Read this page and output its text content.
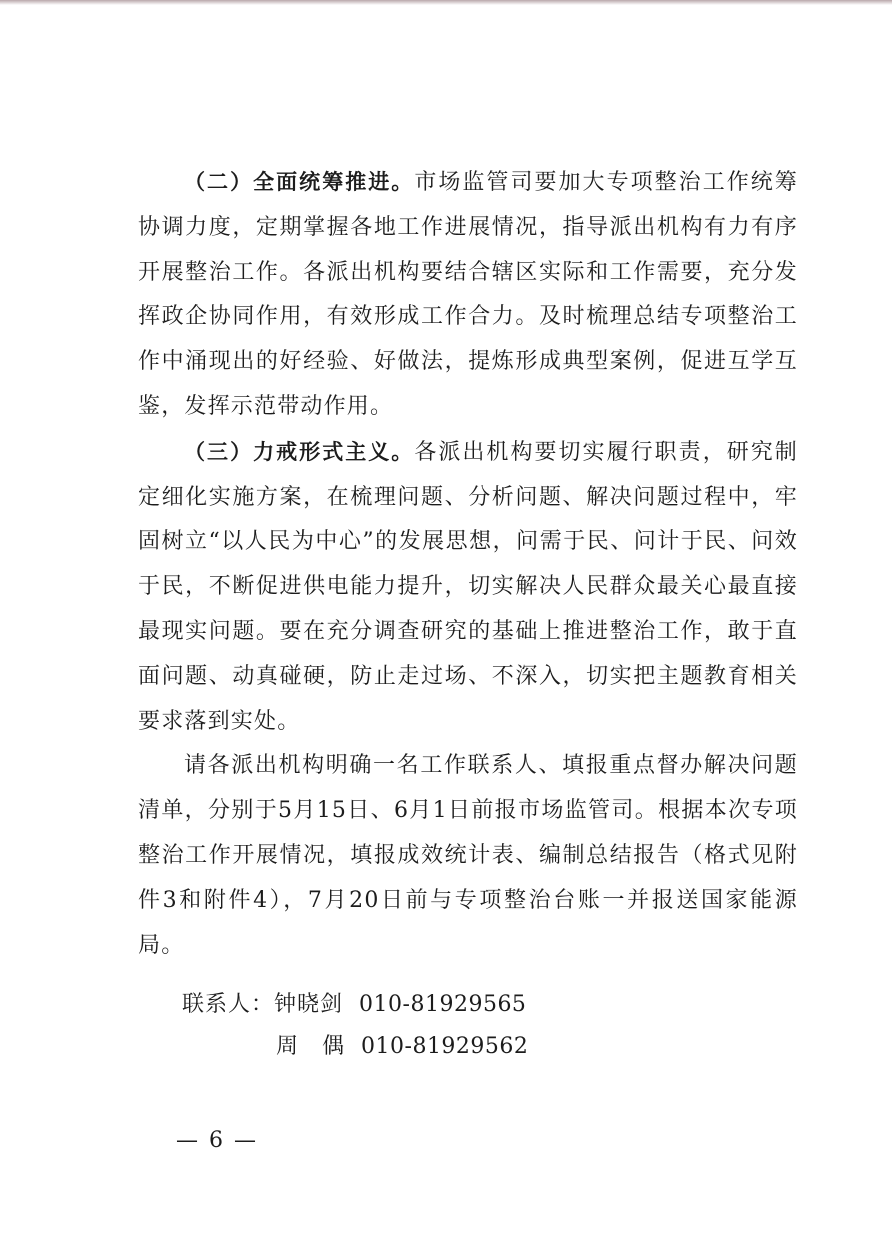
（二）全面统筹推进。市场监管司要加大专项整治工作统筹协调力度，定期掌握各地工作进展情况，指导派出机构有力有序开展整治工作。各派出机构要结合辖区实际和工作需要，充分发挥政企协同作用，有效形成工作合力。及时梳理总结专项整治工作中涌现出的好经验、好做法，提炼形成典型案例，促进互学互鉴，发挥示范带动作用。

（三）力戒形式主义。各派出机构要切实履行职责，研究制定细化实施方案，在梳理问题、分析问题、解决问题过程中，牢固树立“以人民为中心”的发展思想，问需于民、问计于民、问效于民，不断促进供电能力提升，切实解决人民群众最关心最直接最现实问题。要在充分调查研究的基础上推进整治工作，敢于直面问题、动真碰硬，防止走过场、不深入，切实把主题教育相关要求落到实处。

请各派出机构明确一名工作联系人、填报重点督办解决问题清单，分别于5月15日、6月1日前报市场监管司。根据本次专项整治工作开展情况，填报成效统计表、编制总结报告（格式见附件3和附件4），7月20日前与专项整治台账一并报送国家能源局。

联系人：钟晓剑 010-81929565
周　偶 010-81929562
— 6 —
